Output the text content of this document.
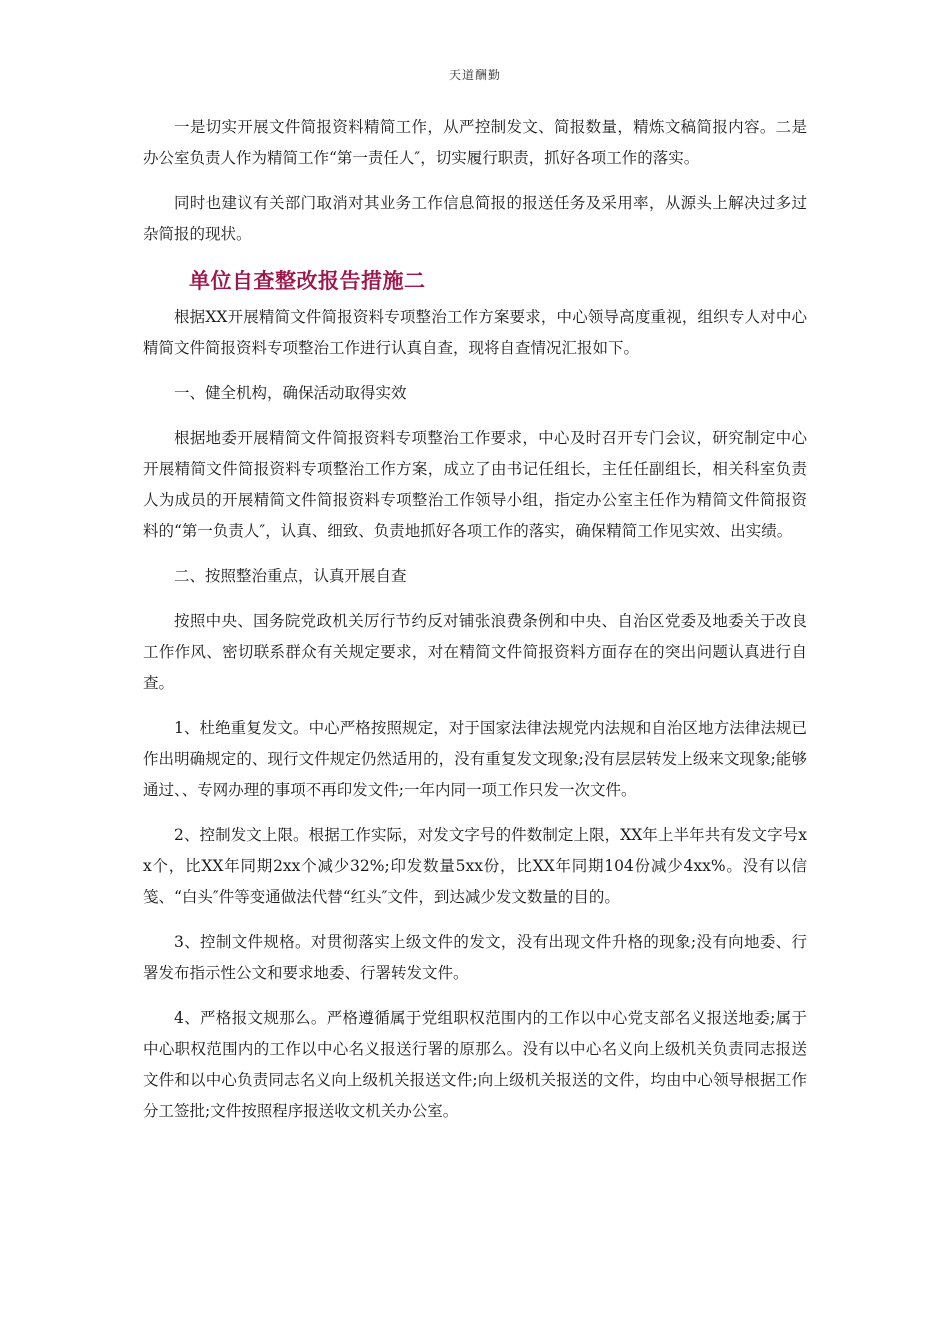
天道酬勤

一是切实开展文件简报资料精简工作，从严控制发文、简报数量，精炼文稿简报内容。二是办公室负责人作为精简工作“第一责任人″，切实履行职责，抓好各项工作的落实。

同时也建议有关部门取消对其业务工作信息简报的报送任务及采用率，从源头上解决过多过杂简报的现状。

单位自查整改报告措施二

根据XX开展精简文件简报资料专项整治工作方案要求，中心领导高度重视，组织专人对中心精简文件简报资料专项整治工作进行认真自查，现将自查情况汇报如下。

一、健全机构，确保活动取得实效

根据地委开展精简文件简报资料专项整治工作要求，中心及时召开专门会议，研究制定中心开展精简文件简报资料专项整治工作方案，成立了由书记任组长，主任任副组长，相关科室负责人为成员的开展精简文件简报资料专项整治工作领导小组，指定办公室主任作为精简文件简报资料的“第一负责人″，认真、细致、负责地抓好各项工作的落实，确保精简工作见实效、出实绩。

二、按照整治重点，认真开展自查

按照中央、国务院党政机关厉行节约反对铺张浪费条例和中央、自治区党委及地委关于改良工作作风、密切联系群众有关规定要求，对在精简文件简报资料方面存在的突出问题认真进行自查。

1、杜绝重复发文。中心严格按照规定，对于国家法律法规党内法规和自治区地方法律法规已作出明确规定的、现行文件规定仍然适用的，没有重复发文现象;没有层层转发上级来文现象;能够通过、、专网办理的事项不再印发文件;一年内同一项工作只发一次文件。

2、控制发文上限。根据工作实际，对发文字号的件数制定上限，XX年上半年共有发文字号xx个，比XX年同期2xx个减少32%;印发数量5xx份，比XX年同期104份减少4xx%。没有以信笺、“白头″件等变通做法代替“红头″文件，到达减少发文数量的目的。

3、控制文件规格。对贯彻落实上级文件的发文，没有出现文件升格的现象;没有向地委、行署发布指示性公文和要求地委、行署转发文件。

4、严格报文规那么。严格遵循属于党组职权范围内的工作以中心党支部名义报送地委;属于中心职权范围内的工作以中心名义报送行署的原那么。没有以中心名义向上级机关负责同志报送文件和以中心负责同志名义向上级机关报送文件;向上级机关报送的文件，均由中心领导根据工作分工签批;文件按照程序报送收文机关办公室。
